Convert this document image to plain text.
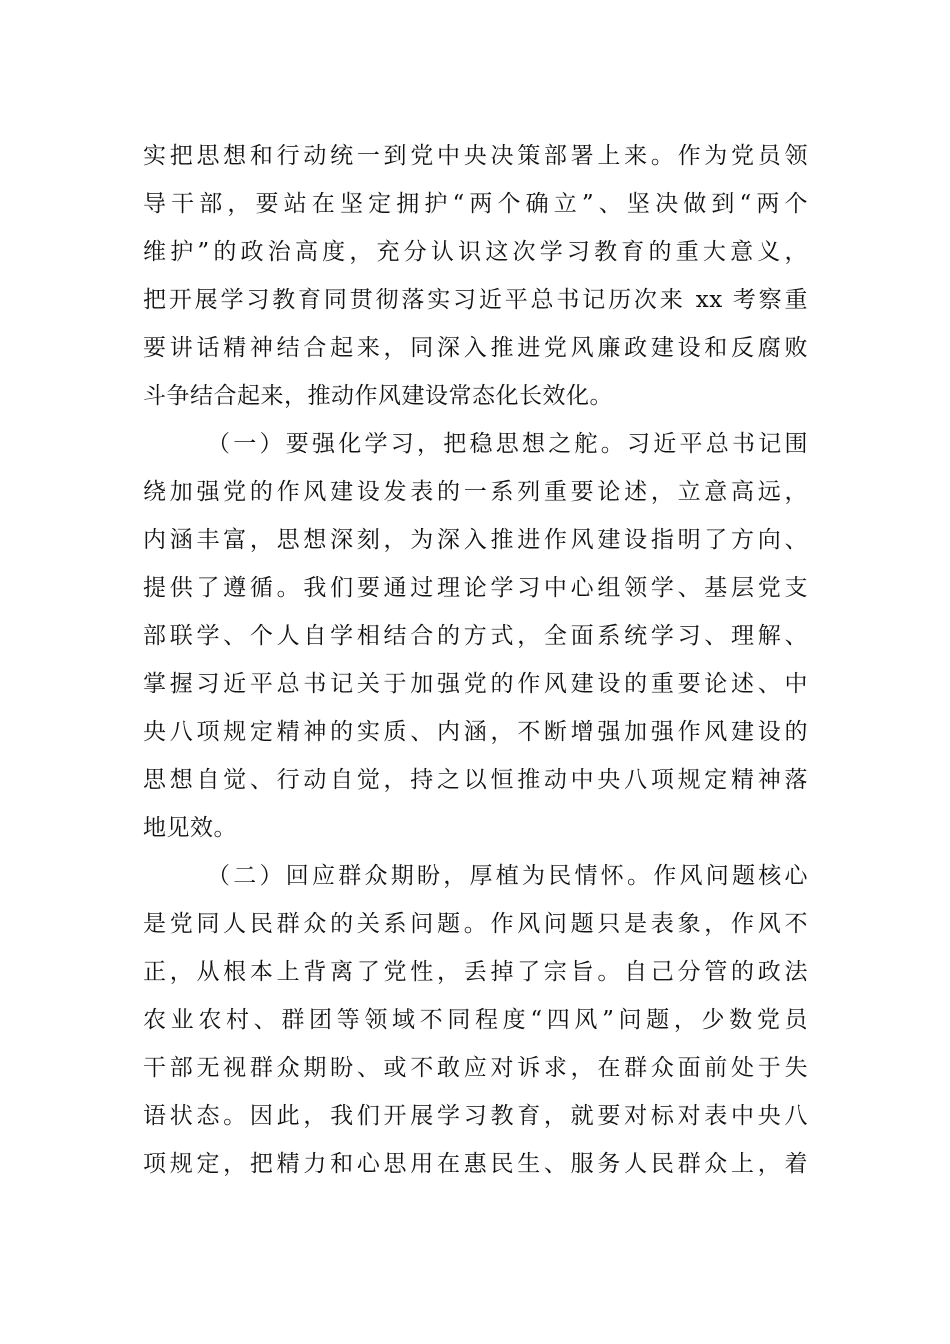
实把思想和行动统一到党中央决策部署上来。作为党员领
导干部，要站在坚定拥护“两个确立”、坚决做到“两个
维护”的政治高度，充分认识这次学习教育的重大意义，
把开展学习教育同贯彻落实习近平总书记历次来 xx 考察重
要讲话精神结合起来，同深入推进党风廉政建设和反腐败
斗争结合起来，推动作风建设常态化长效化。
（一）要强化学习，把稳思想之舵。习近平总书记围
绕加强党的作风建设发表的一系列重要论述，立意高远，
内涵丰富，思想深刻，为深入推进作风建设指明了方向、
提供了遵循。我们要通过理论学习中心组领学、基层党支
部联学、个人自学相结合的方式，全面系统学习、理解、
掌握习近平总书记关于加强党的作风建设的重要论述、中
央八项规定精神的实质、内涵，不断增强加强作风建设的
思想自觉、行动自觉，持之以恒推动中央八项规定精神落
地见效。
（二）回应群众期盼，厚植为民情怀。作风问题核心
是党同人民群众的关系问题。作风问题只是表象，作风不
正，从根本上背离了党性，丢掉了宗旨。自己分管的政法
农业农村、群团等领域不同程度“四风”问题，少数党员
干部无视群众期盼、或不敢应对诉求，在群众面前处于失
语状态。因此，我们开展学习教育，就要对标对表中央八
项规定，把精力和心思用在惠民生、服务人民群众上，着
